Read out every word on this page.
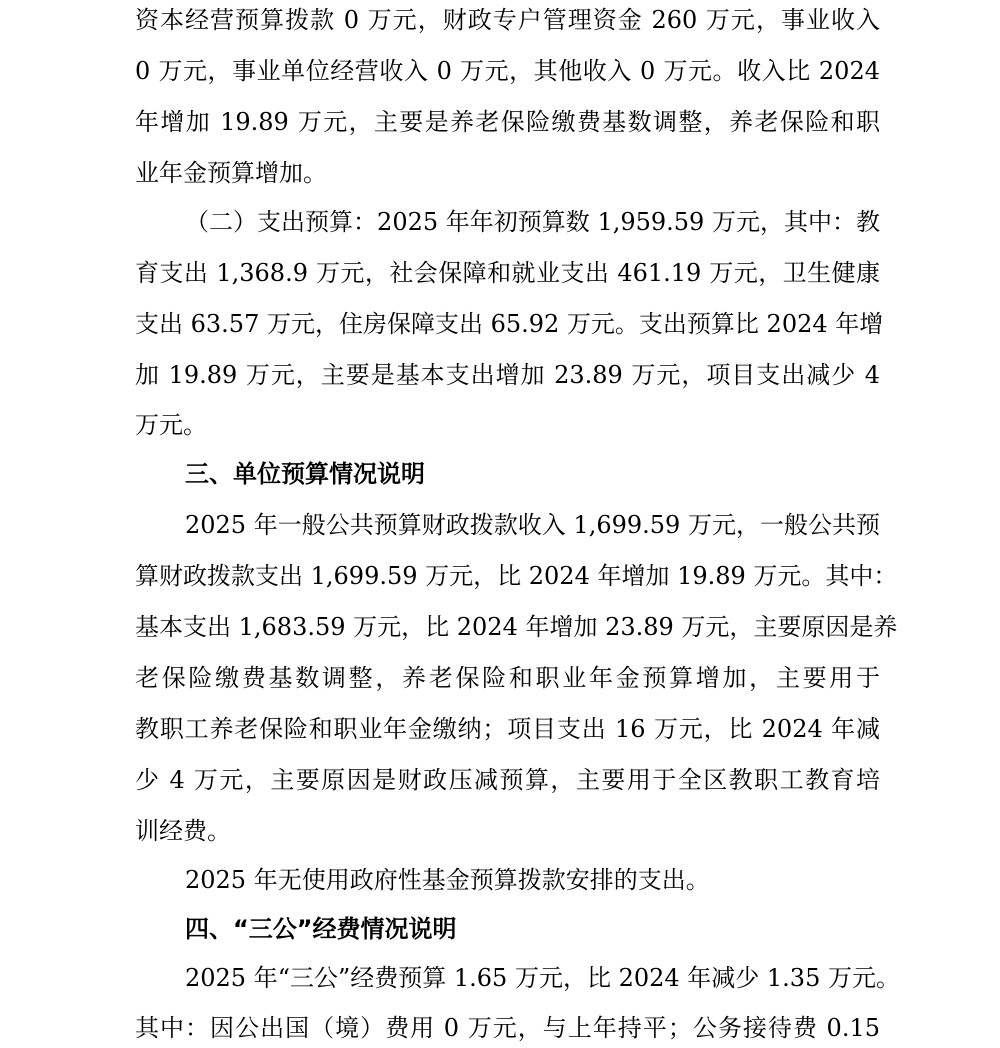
资本经营预算拨款 0 万元，财政专户管理资金 260 万元，事业收入
0 万元，事业单位经营收入 0 万元，其他收入 0 万元。收入比 2024
年增加 19.89 万元，主要是养老保险缴费基数调整，养老保险和职
业年金预算增加。
（二）支出预算：2025 年年初预算数 1,959.59 万元，其中：教
育支出 1,368.9 万元，社会保障和就业支出 461.19 万元，卫生健康
支出 63.57 万元，住房保障支出 65.92 万元。支出预算比 2024 年增
加 19.89 万元，主要是基本支出增加 23.89 万元，项目支出减少 4
万元。
三、单位预算情况说明
2025 年一般公共预算财政拨款收入 1,699.59 万元，一般公共预
算财政拨款支出 1,699.59 万元，比 2024 年增加 19.89 万元。其中：
基本支出 1,683.59 万元，比 2024 年增加 23.89 万元，主要原因是养
老保险缴费基数调整，养老保险和职业年金预算增加，主要用于
教职工养老保险和职业年金缴纳；项目支出 16 万元，比 2024 年减
少 4 万元，主要原因是财政压减预算，主要用于全区教职工教育培
训经费。
2025 年无使用政府性基金预算拨款安排的支出。
四、“三公”经费情况说明
2025 年“三公”经费预算 1.65 万元，比 2024 年减少 1.35 万元。
其中：因公出国（境）费用 0 万元，与上年持平；公务接待费 0.15
